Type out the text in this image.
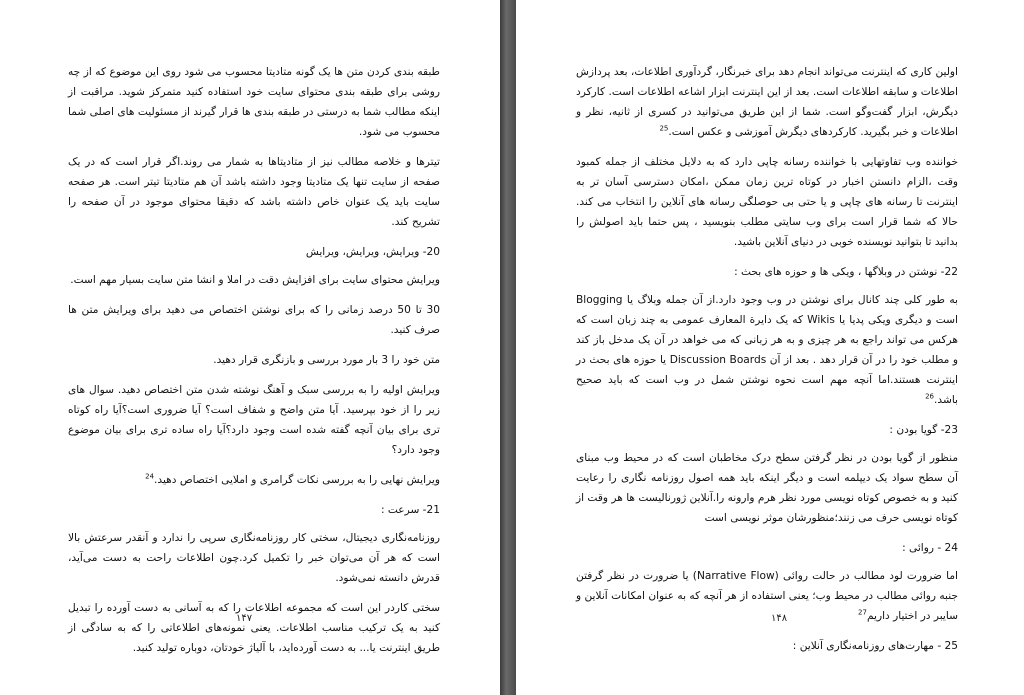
طبقه بندی کردن متن ها یک گونه متادیتا محسوب می شود روی این موضوع که از چه روشی برای طبقه بندی محتوای سایت خود استفاده کنید متمرکز شوید. مراقبت از اینکه مطالب شما به درستی در طبقه بندی ها قرار گیرند از مسئولیت های اصلی شما محسوب می شود.

تیترها و خلاصه مطالب نیز از متادیتاها به شمار می روند.اگر قرار است که در یک صفحه از سایت تنها یک متادیتا وجود داشته باشد آن هم متادیتا تیتر است. هر صفحه سایت باید یک عنوان خاص داشته باشد که دقیقا محتوای موجود در آن صفحه را تشریح کند.

20- ویرایش، ویرایش، ویرایش

ویرایش محتوای سایت برای افزایش دقت در املا و انشا متن سایت بسیار مهم است.

30 تا 50 درصد زمانی را که برای نوشتن اختصاص می دهید برای ویرایش متن ها صرف کنید.

متن خود را 3 بار مورد بررسی و بازنگری قرار دهید.

ویرایش اولیه را به بررسی سبک و آهنگ نوشته شدن متن اختصاص دهید. سوال های زیر را از خود بپرسید. آیا متن واضح و شفاف است؟ آیا ضروری است؟آیا راه کوتاه تری برای بیان آنچه گفته شده است وجود دارد؟آیا راه ساده تری برای بیان موضوع وجود دارد؟

ویرایش نهایی را به بررسی نکات گرامری و املایی اختصاص دهید.$^{24}$

21- سرعت :

روزنامه‌نگاری دیجیتال، سختی کار روزنامه‌نگاری سرپی را ندارد و آنقدر سرعتش بالا است که هر آن می‌توان خبر را تکمیل کرد.چون اطلاعات راحت به دست می‌آید، قدرش دانسته نمی‌شود.

سختی کاردر این است که مجموعه اطلاعات را که به آسانی به دست آورده را تبدیل کنید به یک ترکیب مناسب اطلاعات. یعنی نمونه‌های اطلاعاتی را که به سادگی از طریق اینترنت یا... به دست آورده‌اید، با آلیاژ خودتان، دوباره تولید کنید.

۱۴۷

اولین کاری که اینترنت می‌تواند انجام دهد برای خبرنگار، گردآوری اطلاعات، بعد پردازش اطلاعات و سابقه اطلاعات است. بعد از این اینترنت ابزار اشاعه اطلاعات است. کارکرد دیگرش، ابزار گفت‌وگو است. شما از این طریق می‌توانید در کسری از ثانیه، نظر و اطلاعات و خبر بگیرید. کارکردهای دیگرش آموزشی و عکس است.$^{25}$

خواننده وب تفاوتهایی با خواننده رسانه چاپی دارد که به دلایل مختلف از جمله کمبود وقت ،الزام دانستن اخبار در کوتاه ترین زمان ممکن ،امکان دسترسی آسان تر به اینترنت تا رسانه های چاپی و یا حتی بی حوصلگی رسانه های آنلاین را انتخاب می کند. حالا که شما قرار است برای وب سایتی مطلب بنویسید ، پس حتما باید اصولش را بدانید تا بتوانید نویسنده خوبی در دنیای آنلاین باشید.

22- نوشتن در وبلاگها ، ویکی ها و حوزه های بحث :

به طور کلی چند کانال برای نوشتن در وب وجود دارد.از آن جمله وبلاگ یا Blogging است و دیگری ویکی پدیا یا Wikis که یک دایرة المعارف عمومی به چند زبان است که هرکس می تواند راجع به هر چیزی و به هر زبانی که می خواهد در آن یک مدخل باز کند و مطلب خود را در آن قرار دهد . بعد از آن Discussion Boards یا حوزه های بحث در اینترنت هستند.اما آنچه مهم است نحوه نوشتن شمل در وب است که باید صحیح باشد.$^{26}$

23- گویا بودن :

منظور از گویا بودن در نظر گرفتن سطح درک مخاطبان است که در محیط وب مبنای آن سطح سواد یک دیپلمه است و دیگر اینکه باید همه اصول روزنامه نگاری را رعایت کنید و به خصوص کوتاه نویسی مورد نظر هرم وارونه را.آنلاین ژورنالیست ها هر وقت از کوتاه نویسی حرف می زنند؛منظورشان موثر نویسی است

24 - روائی :

اما ضرورت لود مطالب در حالت روائی (Narrative Flow) یا ضرورت در نظر گرفتن جنبه روائی مطالب در محیط وب؛ یعنی استفاده از هر آنچه که به عنوان امکانات آنلاین و سایبر در اختیار داریم$^{27}$

25 - مهارت‌های روزنامه‌نگاری آنلاین :

۱۴۸
